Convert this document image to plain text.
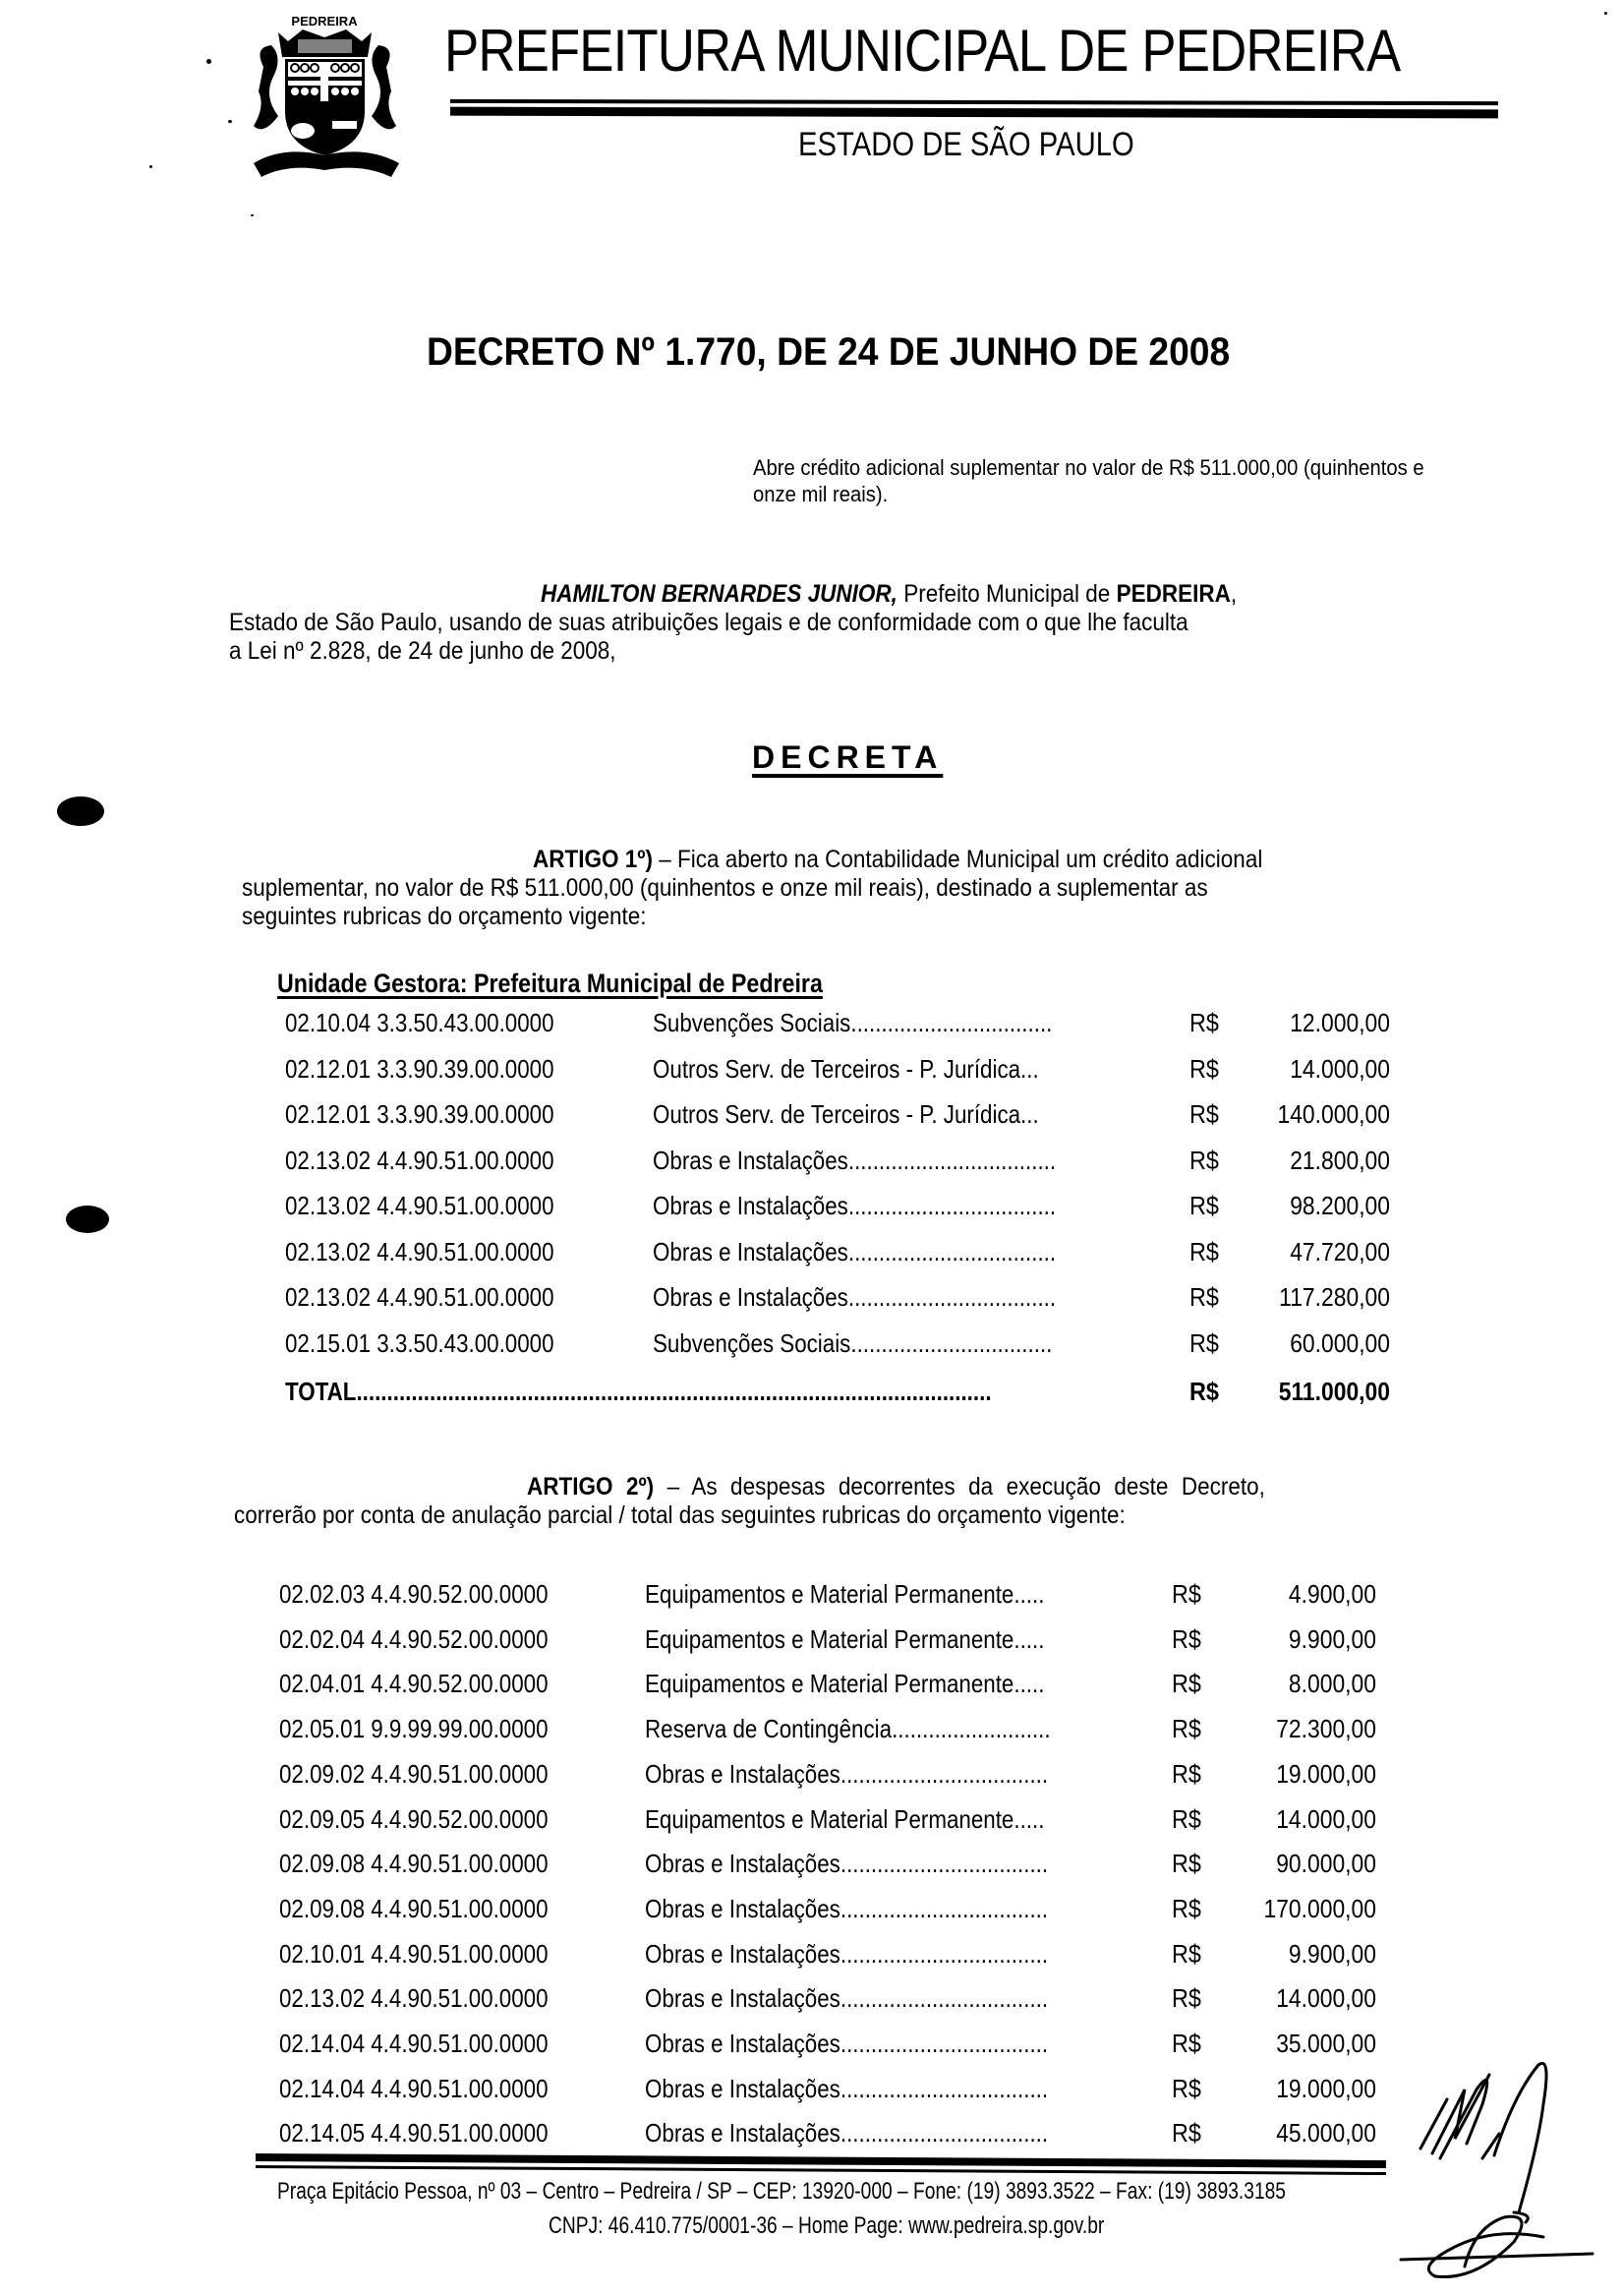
PEDREIRA PREFEITURA MUNICIPAL DE PEDREIRA
ESTADO DE SÃO PAULO
DECRETO Nº 1.770, DE 24 DE JUNHO DE 2008
Abre crédito adicional suplementar no valor de R$ 511.000,00 (quinhentos e onze mil reais).
HAMILTON BERNARDES JUNIOR, Prefeito Municipal de PEDREIRA,
Estado de São Paulo, usando de suas atribuições legais e de conformidade com o que lhe faculta
a Lei nº 2.828, de 24 de junho de 2008,
DECRETA
ARTIGO 1º) – Fica aberto na Contabilidade Municipal um crédito adicional
suplementar, no valor de R$ 511.000,00 (quinhentos e onze mil reais), destinado a suplementar as
seguintes rubricas do orçamento vigente:
Unidade Gestora: Prefeitura Municipal de Pedreira
02.10.04 3.3.50.43.00.0000	Subvenções Sociais.................................	R$	12.000,00
02.12.01 3.3.90.39.00.0000	Outros Serv. de Terceiros - P. Jurídica...	R$	14.000,00
02.12.01 3.3.90.39.00.0000	Outros Serv. de Terceiros - P. Jurídica...	R$	140.000,00
02.13.02 4.4.90.51.00.0000	Obras e Instalações..................................	R$	21.800,00
02.13.02 4.4.90.51.00.0000	Obras e Instalações..................................	R$	98.200,00
02.13.02 4.4.90.51.00.0000	Obras e Instalações..................................	R$	47.720,00
02.13.02 4.4.90.51.00.0000	Obras e Instalações..................................	R$	117.280,00
02.15.01 3.3.50.43.00.0000	Subvenções Sociais.................................	R$	60.000,00
TOTAL........................................................................................................	R$	511.000,00
ARTIGO 2º) – As despesas decorrentes da execução deste Decreto,
correrão por conta de anulação parcial / total das seguintes rubricas do orçamento vigente:
02.02.03 4.4.90.52.00.0000	Equipamentos e Material Permanente.....	R$	4.900,00
02.02.04 4.4.90.52.00.0000	Equipamentos e Material Permanente.....	R$	9.900,00
02.04.01 4.4.90.52.00.0000	Equipamentos e Material Permanente.....	R$	8.000,00
02.05.01 9.9.99.99.00.0000	Reserva de Contingência..........................	R$	72.300,00
02.09.02 4.4.90.51.00.0000	Obras e Instalações..................................	R$	19.000,00
02.09.05 4.4.90.52.00.0000	Equipamentos e Material Permanente.....	R$	14.000,00
02.09.08 4.4.90.51.00.0000	Obras e Instalações..................................	R$	90.000,00
02.09.08 4.4.90.51.00.0000	Obras e Instalações..................................	R$	170.000,00
02.10.01 4.4.90.51.00.0000	Obras e Instalações..................................	R$	9.900,00
02.13.02 4.4.90.51.00.0000	Obras e Instalações..................................	R$	14.000,00
02.14.04 4.4.90.51.00.0000	Obras e Instalações..................................	R$	35.000,00
02.14.04 4.4.90.51.00.0000	Obras e Instalações..................................	R$	19.000,00
02.14.05 4.4.90.51.00.0000	Obras e Instalações..................................	R$	45.000,00
Praça Epitácio Pessoa, nº 03 – Centro – Pedreira / SP – CEP: 13920-000 – Fone: (19) 3893.3522 – Fax: (19) 3893.3185
CNPJ: 46.410.775/0001-36 – Home Page: www.pedreira.sp.gov.br
